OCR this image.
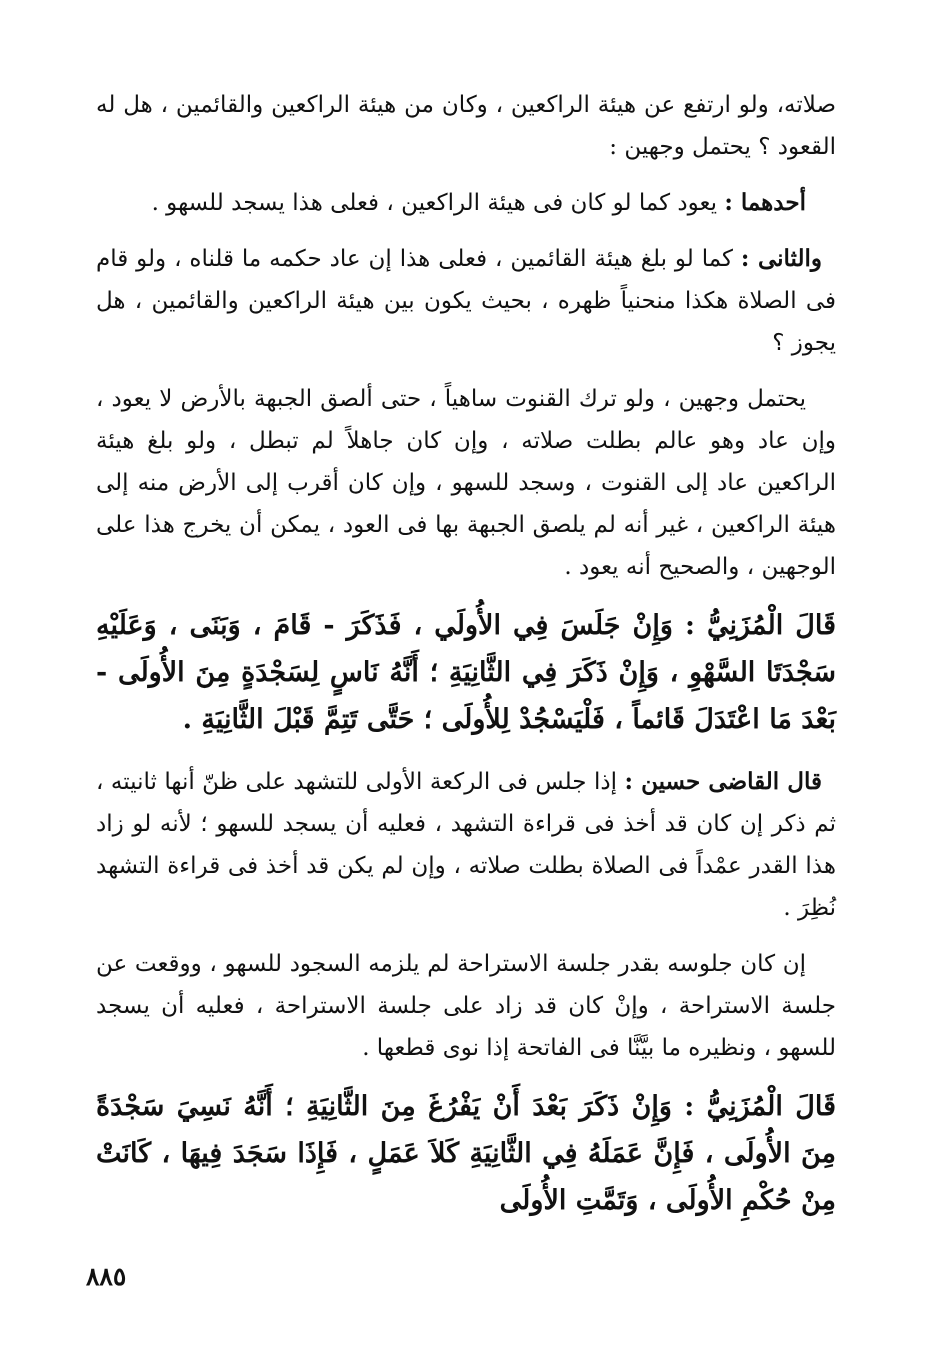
صلاته، ولو ارتفع عن هيئة الراكعين ، وكان من هيئة الراكعين والقائمين ، هل له القعود ؟ يحتمل وجهين :

أحدهما : يعود كما لو كان فى هيئة الراكعين ، فعلى هذا يسجد للسهو .

والثانى : كما لو بلغ هيئة القائمين ، فعلى هذا إن عاد حكمه ما قلناه ، ولو قام فى الصلاة هكذا منحنياً ظهره ، بحيث يكون بين هيئة الراكعين والقائمين ، هل يجوز ؟

يحتمل وجهين ، ولو ترك القنوت ساهياً ، حتى ألصق الجبهة بالأرض لا يعود ، وإن عاد وهو عالم بطلت صلاته ، وإن كان جاهلاً لم تبطل ، ولو بلغ هيئة الراكعين عاد إلى القنوت ، وسجد للسهو ، وإن كان أقرب إلى الأرض منه إلى هيئة الراكعين ، غير أنه لم يلصق الجبهة بها فى العود ، يمكن أن يخرج هذا على الوجهين ، والصحيح أنه يعود .

قَالَ الْمُزَنِيُّ : وَإِنْ جَلَسَ فِي الأُولَي ، فَذَكَرَ - قَامَ ، وَبَنَى ، وَعَلَيْهِ سَجْدَتَا السَّهْوِ ، وَإِنْ ذَكَرَ فِي الثَّانِيَةِ ؛ أَنَّهُ نَاسٍ لِسَجْدَةٍ مِنَ الأُولَى - بَعْدَ مَا اعْتَدَلَ قَائماً ، فَلْيَسْجُدْ لِلأُولَى ؛ حَتَّى تَتِمَّ قَبْلَ الثَّانِيَةِ .

قال القاضى حسين : إذا جلس فى الركعة الأولى للتشهد على ظنّ أنها ثانيته ، ثم ذكر إن كان قد أخذ فى قراءة التشهد ، فعليه أن يسجد للسهو ؛ لأنه لو زاد هذا القدر عمْداً فى الصلاة بطلت صلاته ، وإن لم يكن قد أخذ فى قراءة التشهد نُظِرَ .

إن كان جلوسه بقدر جلسة الاستراحة لم يلزمه السجود للسهو ، ووقعت عن جلسة الاستراحة ، وإنْ كان قد زاد على جلسة الاستراحة ، فعليه أن يسجد للسهو ، ونظيره ما بيَّنَّا فى الفاتحة إذا نوى قطعها .

قَالَ الْمُزَنِيُّ : وَإِنْ ذَكَرَ بَعْدَ أَنْ يَفْرُغَ مِنَ الثَّانِيَةِ ؛ أَنَّهُ نَسِيَ سَجْدَةً مِنَ الأُولَى ، فَإِنَّ عَمَلَهُ فِي الثَّانِيَةِ كَلاَ عَمَلٍ ، فَإِذَا سَجَدَ فِيهَا ، كَانَتْ مِنْ حُكْمِ الأُولَى ، وَتَمَّتِ الأُولَى

٨٨٥
